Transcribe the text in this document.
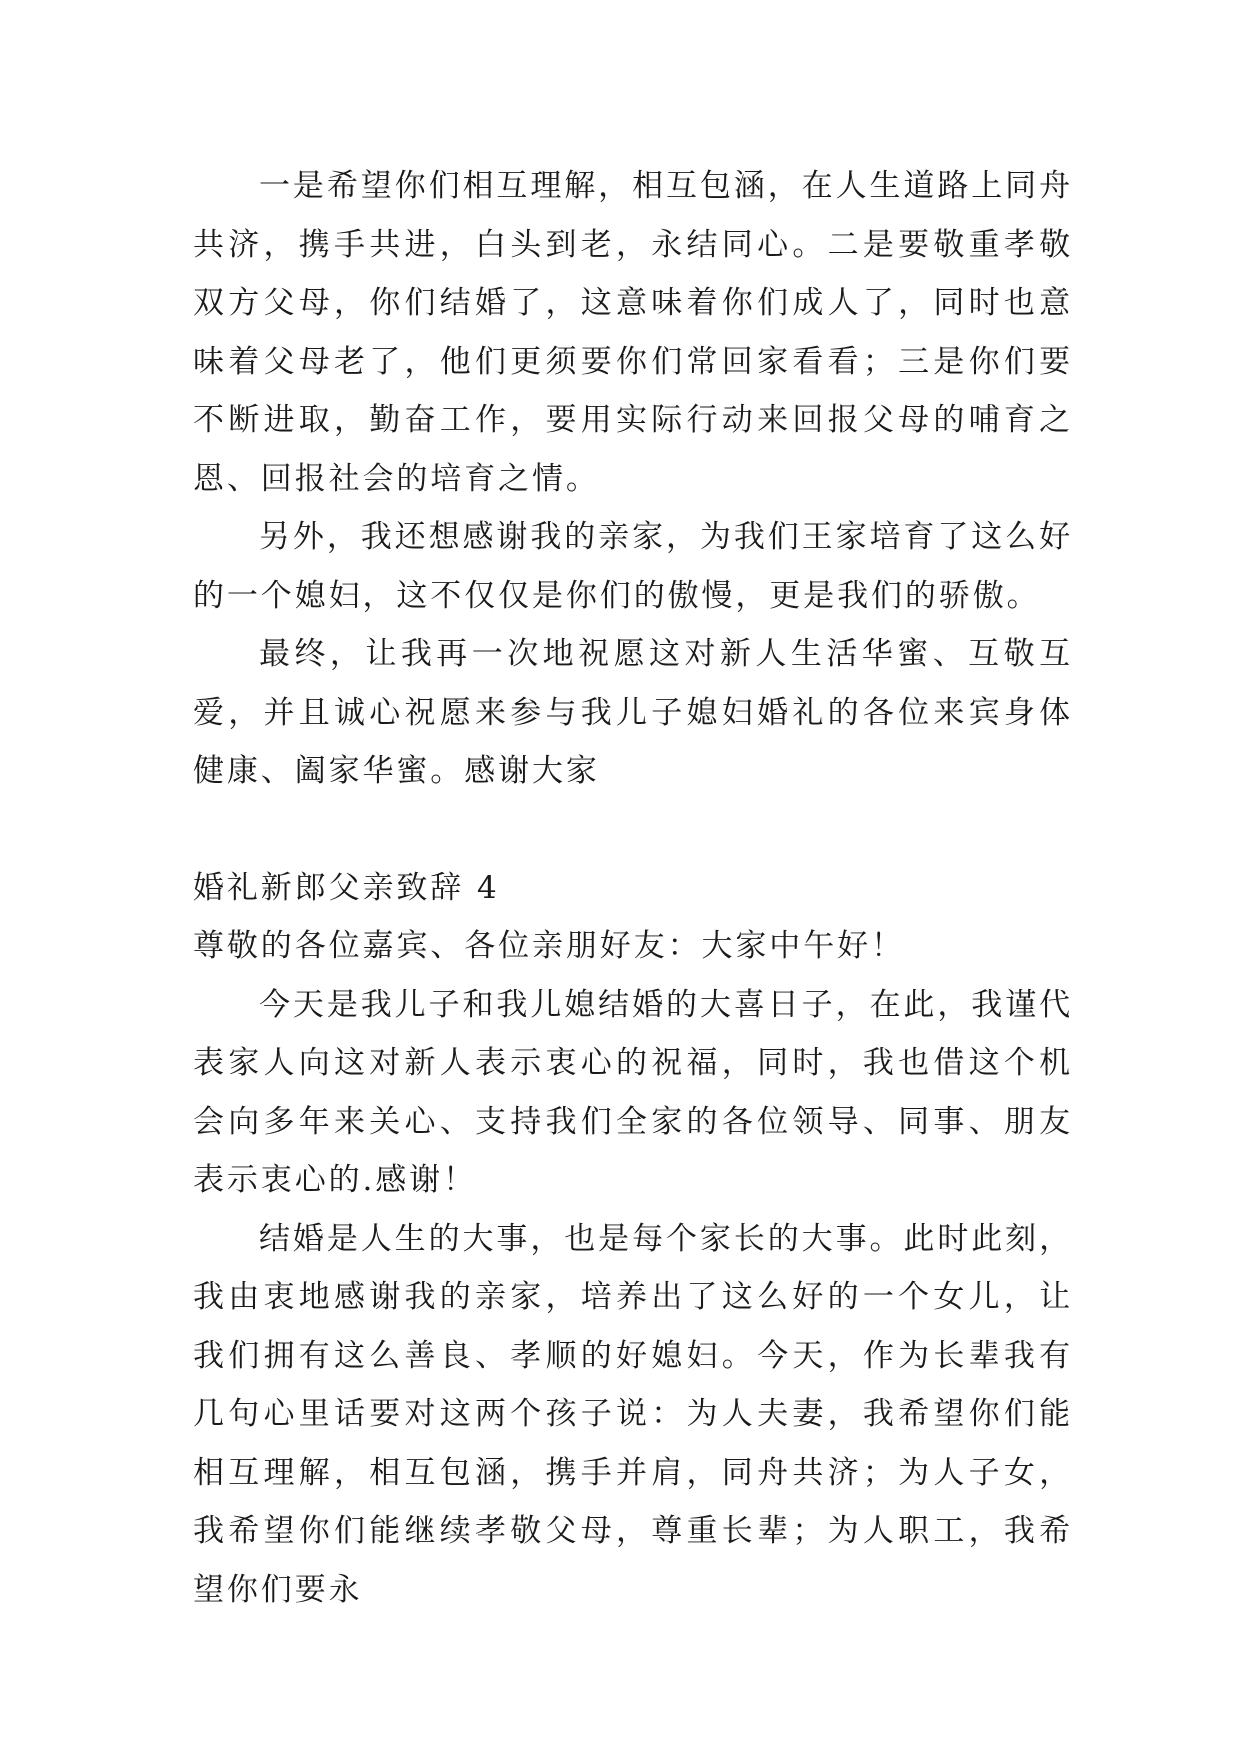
一是希望你们相互理解，相互包涵，在人生道路上同舟共济，携手共进，白头到老，永结同心。二是要敬重孝敬双方父母，你们结婚了，这意味着你们成人了，同时也意味着父母老了，他们更须要你们常回家看看；三是你们要不断进取，勤奋工作，要用实际行动来回报父母的哺育之恩、回报社会的培育之情。

另外，我还想感谢我的亲家，为我们王家培育了这么好的一个媳妇，这不仅仅是你们的傲慢，更是我们的骄傲。

最终，让我再一次地祝愿这对新人生活华蜜、互敬互爱，并且诚心祝愿来参与我儿子媳妇婚礼的各位来宾身体健康、阖家华蜜。感谢大家

婚礼新郎父亲致辞 4

尊敬的各位嘉宾、各位亲朋好友：大家中午好！

今天是我儿子和我儿媳结婚的大喜日子，在此，我谨代表家人向这对新人表示衷心的祝福，同时，我也借这个机会向多年来关心、支持我们全家的各位领导、同事、朋友表示衷心的.感谢！

结婚是人生的大事，也是每个家长的大事。此时此刻，我由衷地感谢我的亲家，培养出了这么好的一个女儿，让我们拥有这么善良、孝顺的好媳妇。今天，作为长辈我有几句心里话要对这两个孩子说：为人夫妻，我希望你们能相互理解，相互包涵，携手并肩，同舟共济；为人子女，我希望你们能继续孝敬父母，尊重长辈；为人职工，我希望你们要永
